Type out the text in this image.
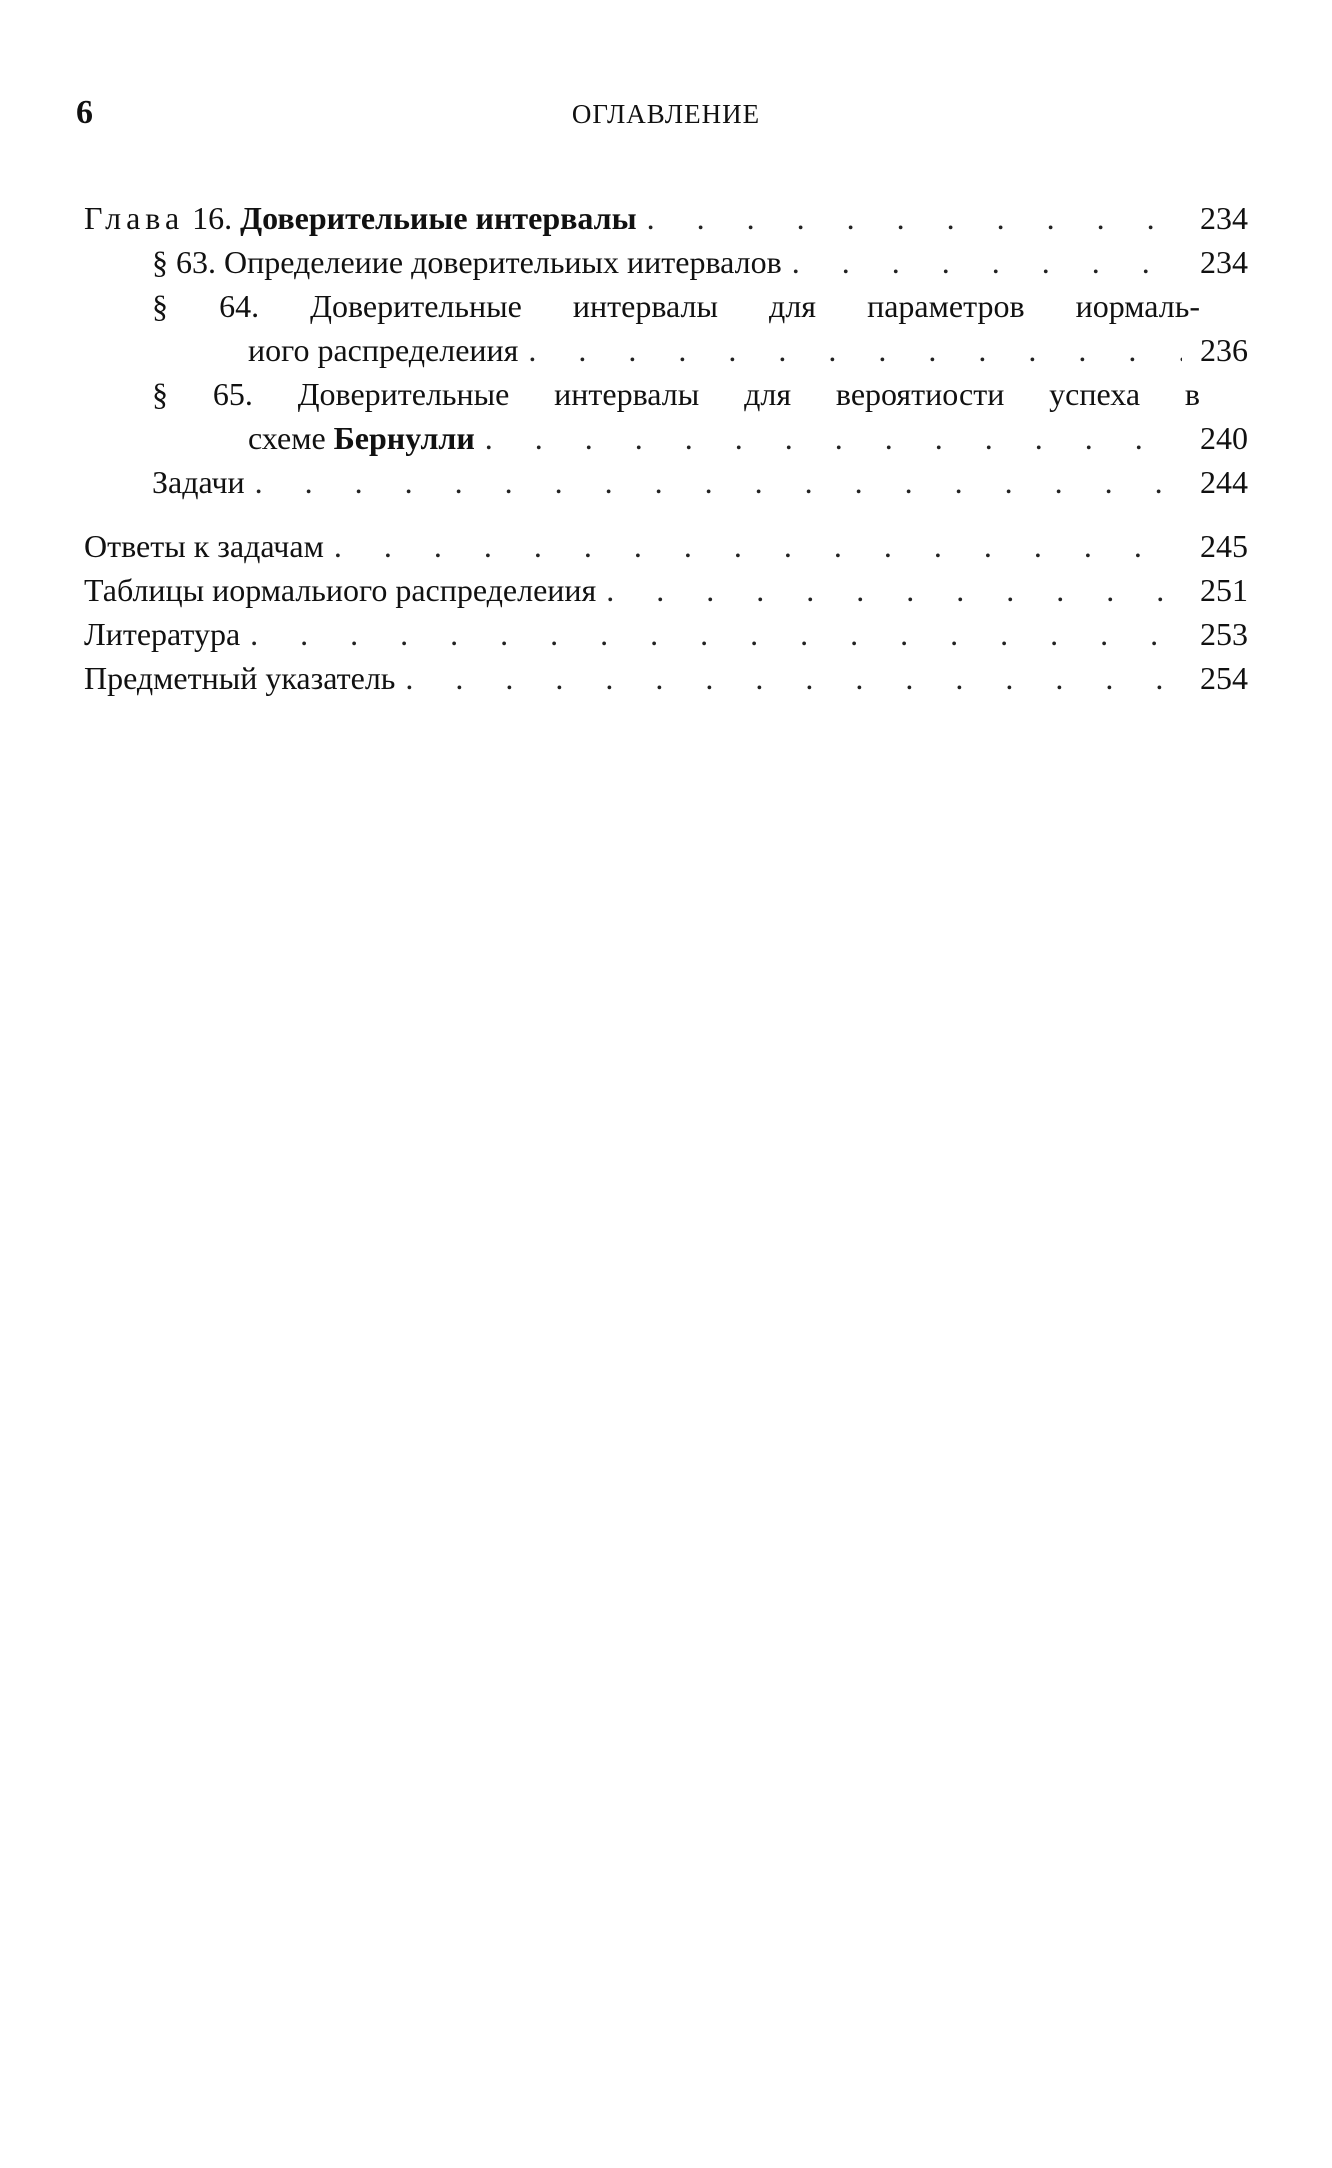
6	ОГЛАВЛЕНИЕ
Глава 16. Доверительиые интервалы . . .	234
§ 63. Определеиие доверительиых иитервалов . . .	234
§ 64. Доверительные интервалы для параметров иормаль-
иого распределеиия . . .	236
§ 65. Доверительные интервалы для вероятиости успеха в
схеме Бернулли . . .	240
Задачи . . .	244
Ответы к задачам . . .	245
Таблицы иормальиого распределеиия . . .	251
Литература . . .	253
Предметный указатель . . .	254
